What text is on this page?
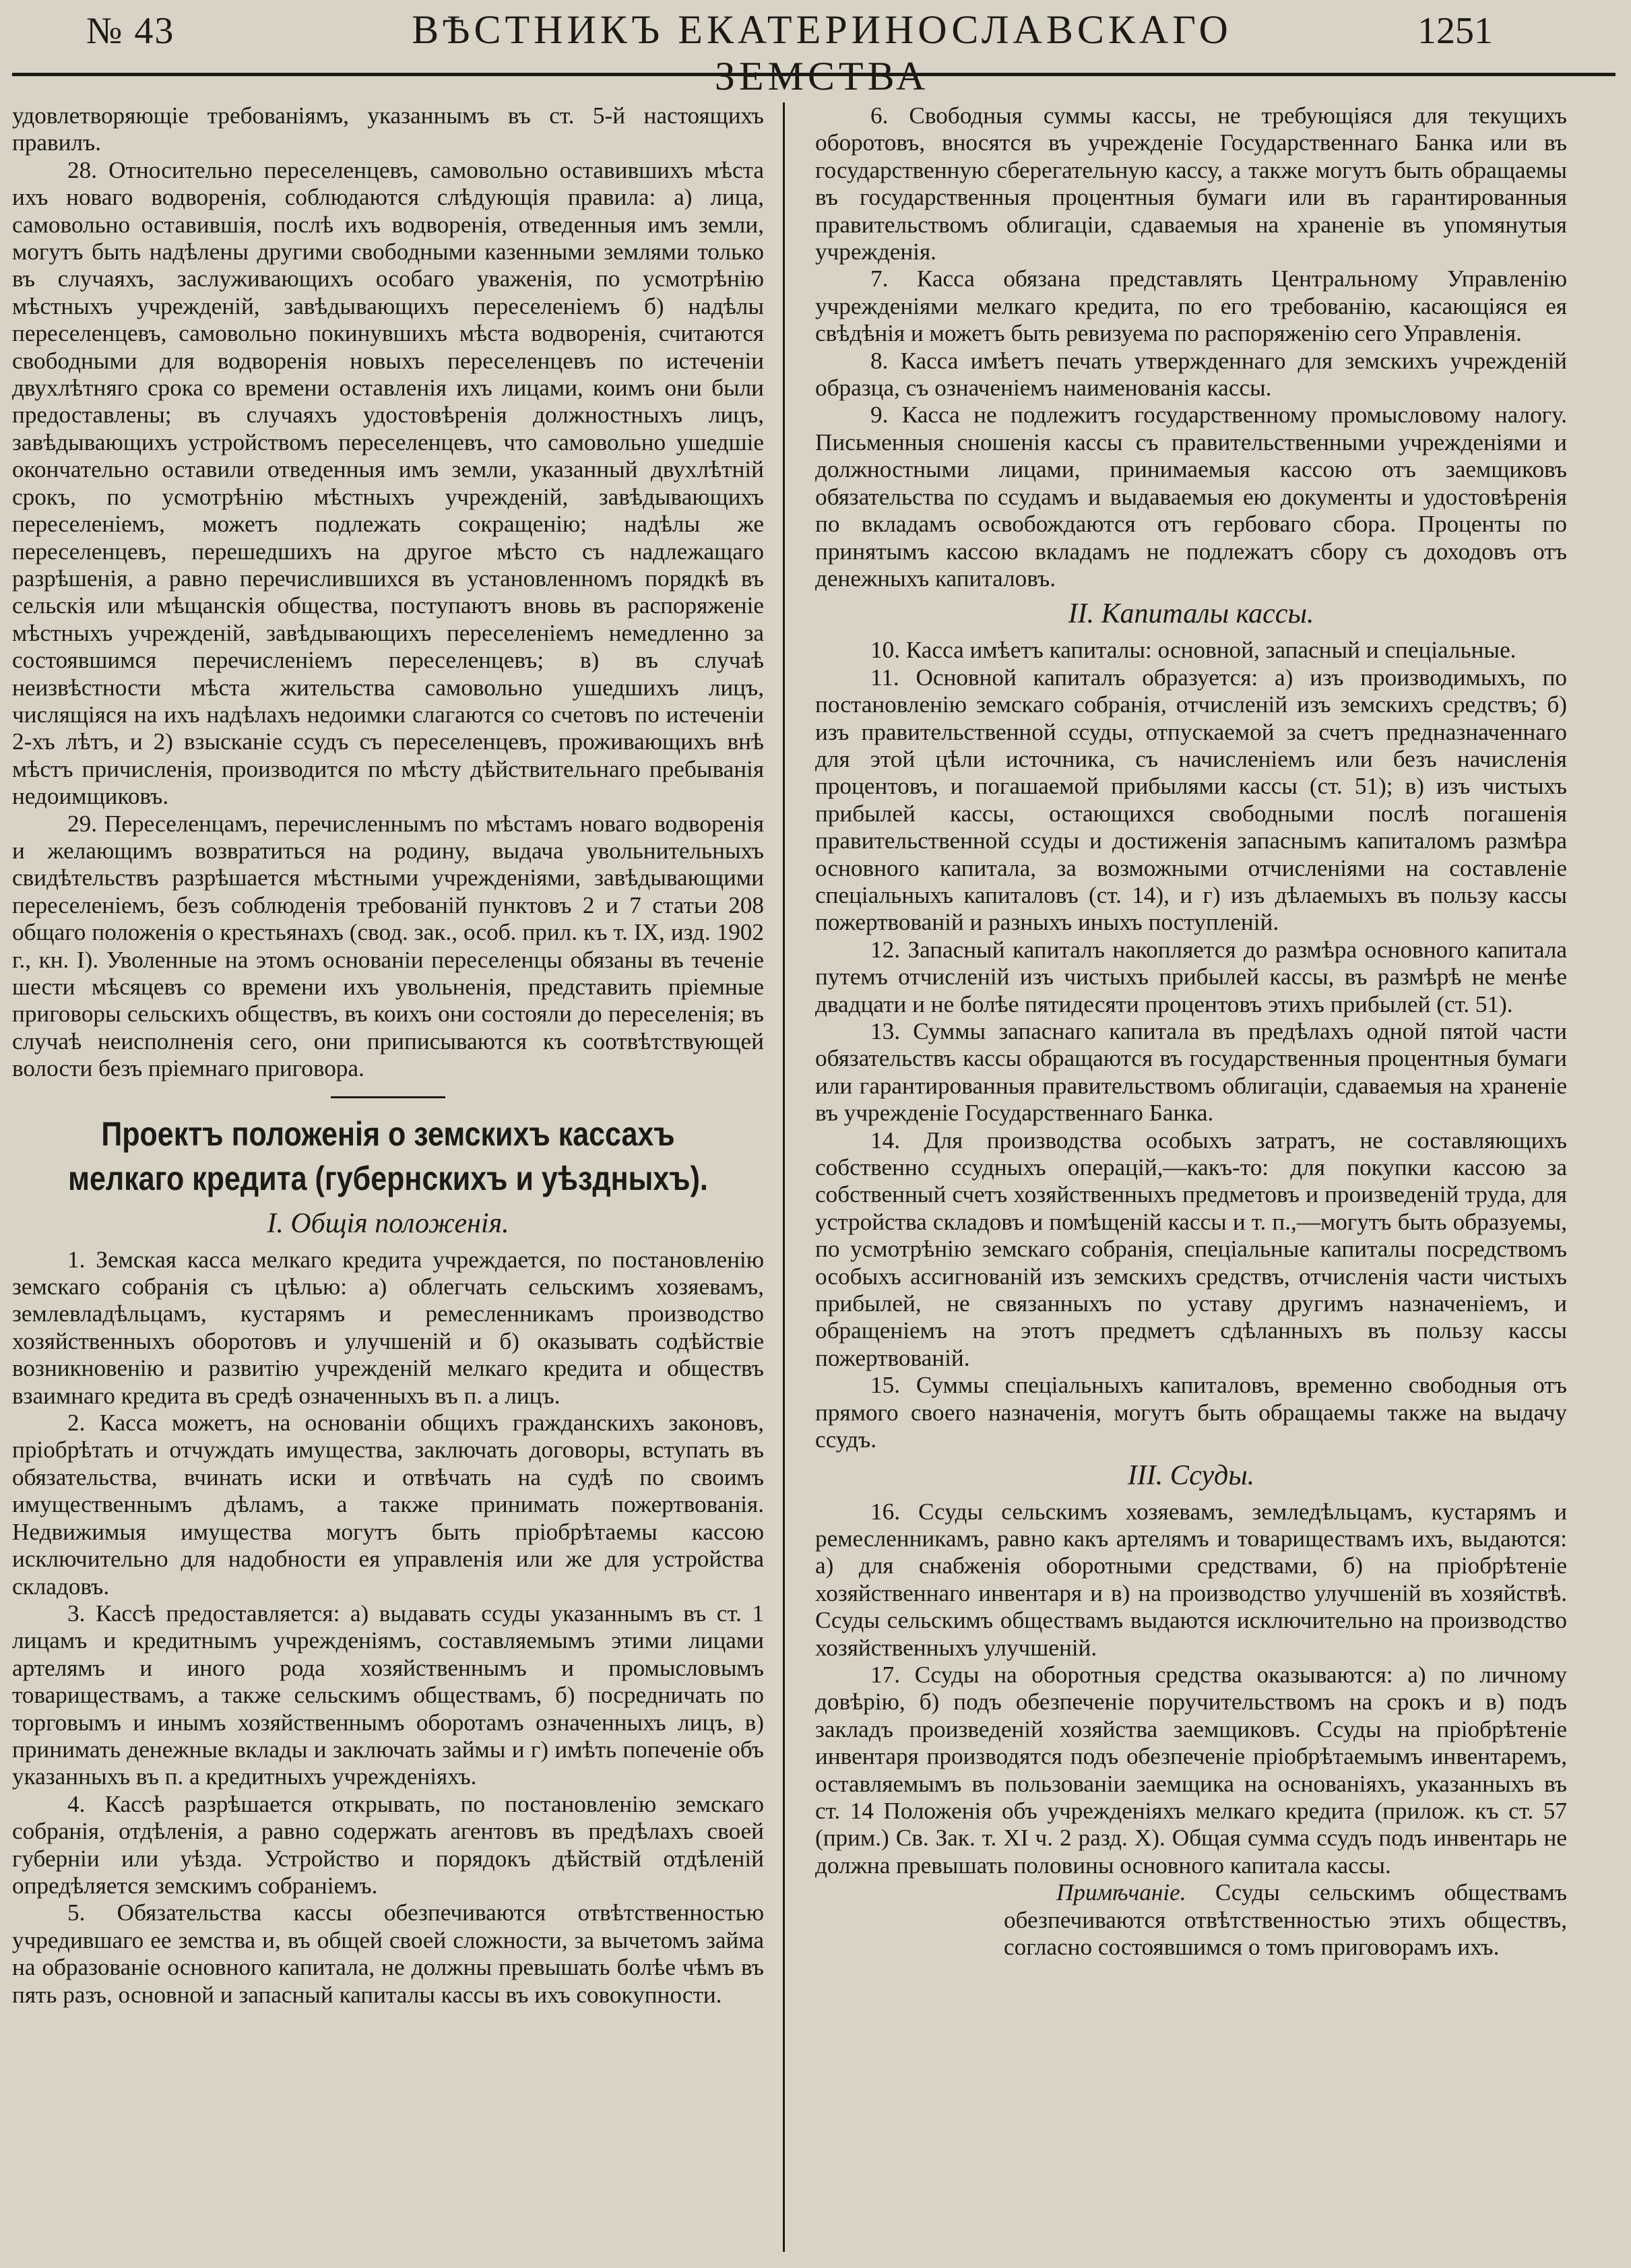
№ 43	ВѢСТНИКЪ ЕКАТЕРИНОСЛАВСКАГО ЗЕМСТВА
1251

удовлетворяющіе требованіямъ, указаннымъ въ ст. 5-й настоящихъ правилъ.

28. Относительно переселенцевъ, самовольно оставившихъ мѣста ихъ новаго водворенія, соблюдаются слѣдующія правила: а) лица, самовольно оставившія, послѣ ихъ водворенія, отведенныя имъ земли, могутъ быть надѣлены другими свободными казенными землями только въ случаяхъ, заслуживающихъ особаго уваженія, по усмотрѣнію мѣстныхъ учрежденій, завѣдывающихъ переселеніемъ б) надѣлы переселенцевъ, самовольно покинувшихъ мѣста водворенія, считаются свободными для водворенія новыхъ переселенцевъ по истеченіи двухлѣтняго срока со времени оставленія ихъ лицами, коимъ они были предоставлены; въ случаяхъ удостовѣренія должностныхъ лицъ, завѣдывающихъ устройствомъ переселенцевъ, что самовольно ушедшіе окончательно оставили отведенныя имъ земли, указанный двухлѣтній срокъ, по усмотрѣнію мѣстныхъ учрежденій, завѣдывающихъ переселеніемъ, можетъ подлежать сокращенію; надѣлы же переселенцевъ, перешедшихъ на другое мѣсто съ надлежащаго разрѣшенія, а равно перечислившихся въ установленномъ порядкѣ въ сельскія или мѣщанскія общества, поступаютъ вновь въ распоряженіе мѣстныхъ учрежденій, завѣдывающихъ переселеніемъ немедленно за состоявшимся перечисленіемъ переселенцевъ; в) въ случаѣ неизвѣстности мѣста жительства самовольно ушедшихъ лицъ, числящіяся на ихъ надѣлахъ недоимки слагаются со счетовъ по истеченіи 2-хъ лѣтъ, и 2) взысканіе ссудъ съ переселенцевъ, проживающихъ внѣ мѣстъ причисленія, производится по мѣсту дѣйствительнаго пребыванія недоимщиковъ.

29. Переселенцамъ, перечисленнымъ по мѣстамъ новаго водворенія и желающимъ возвратиться на родину, выдача увольнительныхъ свидѣтельствъ разрѣшается мѣстными учрежденіями, завѣдывающими переселеніемъ, безъ соблюденія требованій пунктовъ 2 и 7 статьи 208 общаго положенія о крестьянахъ (свод. зак., особ. прил. къ т. IX, изд. 1902 г., кн. I). Уволенные на этомъ основаніи переселенцы обязаны въ теченіе шести мѣсяцевъ со времени ихъ увольненія, представить пріемные приговоры сельскихъ обществъ, въ коихъ они состояли до переселенія; въ случаѣ неисполненія сего, они приписываются къ соотвѣтствующей волости безъ пріемнаго приговора.

Проектъ положенія о земскихъ кассахъ мелкаго кредита (губернскихъ и уѣздныхъ).
I. Общія положенія.

1. Земская касса мелкаго кредита учреждается, по постановленію земскаго собранія съ цѣлью: а) облегчать сельскимъ хозяевамъ, землевладѣльцамъ, кустарямъ и ремесленникамъ производство хозяйственныхъ оборотовъ и улучшеній и б) оказывать содѣйствіе возникновенію и развитію учрежденій мелкаго кредита и обществъ взаимнаго кредита въ средѣ означенныхъ въ п. а лицъ.

2. Касса можетъ, на основаніи общихъ гражданскихъ законовъ, пріобрѣтать и отчуждать имущества, заключать договоры, вступать въ обязательства, вчинать иски и отвѣчать на судѣ по своимъ имущественнымъ дѣламъ, а также принимать пожертвованія. Недвижимыя имущества могутъ быть пріобрѣтаемы кассою исключительно для надобности ея управленія или же для устройства складовъ.

3. Кассѣ предоставляется: а) выдавать ссуды указаннымъ въ ст. 1 лицамъ и кредитнымъ учрежденіямъ, составляемымъ этими лицами артелямъ и иного рода хозяйственнымъ и промысловымъ товариществамъ, а также сельскимъ обществамъ, б) посредничать по торговымъ и инымъ хозяйственнымъ оборотамъ означенныхъ лицъ, в) принимать денежные вклады и заключать займы и г) имѣть попеченіе объ указанныхъ въ п. а кредитныхъ учрежденіяхъ.

4. Кассѣ разрѣшается открывать, по постановленію земскаго собранія, отдѣленія, а равно содержать агентовъ въ предѣлахъ своей губерніи или уѣзда. Устройство и порядокъ дѣйствій отдѣленій опредѣляется земскимъ собраніемъ.

5. Обязательства кассы обезпечиваются отвѣтственностью учредившаго ее земства и, въ общей своей сложности, за вычетомъ займа на образованіе основного капитала, не должны превышать болѣе чѣмъ въ пять разъ, основной и запасный капиталы кассы въ ихъ совокупности.

6. Свободныя суммы кассы, не требующіяся для текущихъ оборотовъ, вносятся въ учрежденіе Государственнаго Банка или въ государственную сберегательную кассу, а также могутъ быть обращаемы въ государственныя процентныя бумаги или въ гарантированныя правительствомъ облигаціи, сдаваемыя на храненіе въ упомянутыя учрежденія.

7. Касса обязана представлять Центральному Управленію учрежденіями мелкаго кредита, по его требованію, касающіяся ея свѣдѣнія и можетъ быть ревизуема по распоряженію сего Управленія.

8. Касса имѣетъ печать утвержденнаго для земскихъ учрежденій образца, съ означеніемъ наименованія кассы.

9. Касса не подлежитъ государственному промысловому налогу. Письменныя сношенія кассы съ правительственными учрежденіями и должностными лицами, принимаемыя кассою отъ заемщиковъ обязательства по ссудамъ и выдаваемыя ею документы и удостовѣренія по вкладамъ освобождаются отъ гербоваго сбора. Проценты по принятымъ кассою вкладамъ не подлежатъ сбору съ доходовъ отъ денежныхъ капиталовъ.

II. Капиталы кассы.

10. Касса имѣетъ капиталы: основной, запасный и спеціальные.

11. Основной капиталъ образуется: а) изъ производимыхъ, по постановленію земскаго собранія, отчисленій изъ земскихъ средствъ; б) изъ правительственной ссуды, отпускаемой за счетъ предназначеннаго для этой цѣли источника, съ начисленіемъ или безъ начисленія процентовъ, и погашаемой прибылями кассы (ст. 51); в) изъ чистыхъ прибылей кассы, остающихся свободными послѣ погашенія правительственной ссуды и достиженія запаснымъ капиталомъ размѣра основного капитала, за возможными отчисленіями на составленіе спеціальныхъ капиталовъ (ст. 14), и г) изъ дѣлаемыхъ въ пользу кассы пожертвованій и разныхъ иныхъ поступленій.

12. Запасный капиталъ накопляется до размѣра основного капитала путемъ отчисленій изъ чистыхъ прибылей кассы, въ размѣрѣ не менѣе двадцати и не болѣе пятидесяти процентовъ этихъ прибылей (ст. 51).

13. Суммы запаснаго капитала въ предѣлахъ одной пятой части обязательствъ кассы обращаются въ государственныя процентныя бумаги или гарантированныя правительствомъ облигаціи, сдаваемыя на храненіе въ учрежденіе Государственнаго Банка.

14. Для производства особыхъ затратъ, не составляющихъ собственно ссудныхъ операцій,—какъ-то: для покупки кассою за собственный счетъ хозяйственныхъ предметовъ и произведеній труда, для устройства складовъ и помѣщеній кассы и т. п.,—могутъ быть образуемы, по усмотрѣнію земскаго собранія, спеціальные капиталы посредствомъ особыхъ ассигнованій изъ земскихъ средствъ, отчисленія части чистыхъ прибылей, не связанныхъ по уставу другимъ назначеніемъ, и обращеніемъ на этотъ предметъ сдѣланныхъ въ пользу кассы пожертвованій.

15. Суммы спеціальныхъ капиталовъ, временно свободныя отъ прямого своего назначенія, могутъ быть обращаемы также на выдачу ссудъ.

III. Ссуды.

16. Ссуды сельскимъ хозяевамъ, земледѣльцамъ, кустарямъ и ремесленникамъ, равно какъ артелямъ и товариществамъ ихъ, выдаются: а) для снабженія оборотными средствами, б) на пріобрѣтеніе хозяйственнаго инвентаря и в) на производство улучшеній въ хозяйствѣ. Ссуды сельскимъ обществамъ выдаются исключительно на производство хозяйственныхъ улучшеній.

17. Ссуды на оборотныя средства оказываются: а) по личному довѣрію, б) подъ обезпеченіе поручительствомъ на срокъ и в) подъ закладъ произведеній хозяйства заемщиковъ. Ссуды на пріобрѣтеніе инвентаря производятся подъ обезпеченіе пріобрѣтаемымъ инвентаремъ, оставляемымъ въ пользованіи заемщика на основаніяхъ, указанныхъ въ ст. 14 Положенія объ учрежденіяхъ мелкаго кредита (прилож. къ ст. 57 (прим.) Св. Зак. т. XI ч. 2 разд. X). Общая сумма ссудъ подъ инвентарь не должна превышать половины основного капитала кассы.

Примѣчаніе. Ссуды сельскимъ обществамъ обезпечиваются отвѣтственностью этихъ обществъ, согласно состоявшимся о томъ приговорамъ ихъ.
